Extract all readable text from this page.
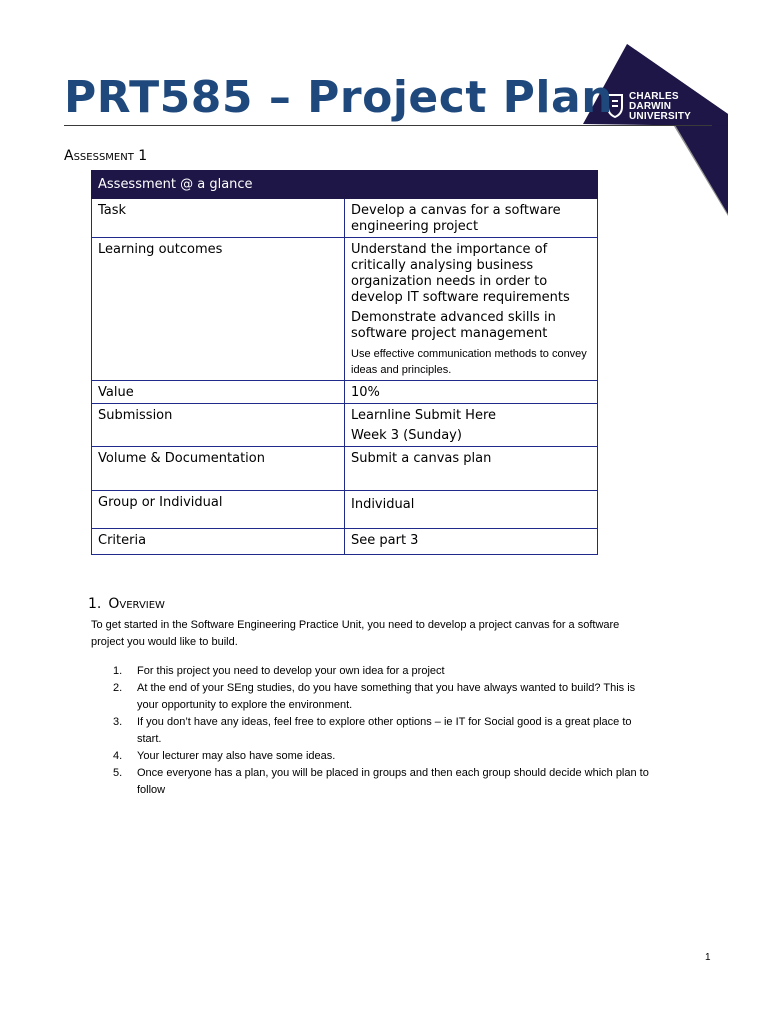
CHARLES
DARWIN
UNIVERSITY
PRT585 – Project Plan
Assessment 1
Assessment @ a glance	
Task	Develop a canvas for a software engineering project
Learning outcomes	Understand the importance of critically analysing business organization needs in order to develop IT software requirements

Demonstrate advanced skills in software project management

Use effective communication methods to convey ideas and principles.

Value	10%
Submission	Learnline Submit Here

Week 3 (Sunday)

Volume & Documentation	Submit a canvas plan
Group or Individual	Individual
Criteria	See part 3
1. Overview

To get started in the Software Engineering Practice Unit, you need to develop a project canvas for a software project you would like to build.

1. For this project you need to develop your own idea for a project
2. At the end of your SEng studies, do you have something that you have always wanted to build? This is your opportunity to explore the environment.
3. If you don’t have any ideas, feel free to explore other options – ie IT for Social good is a great place to start.
4. Your lecturer may also have some ideas.
5. Once everyone has a plan, you will be placed in groups and then each group should decide which plan to follow
1
